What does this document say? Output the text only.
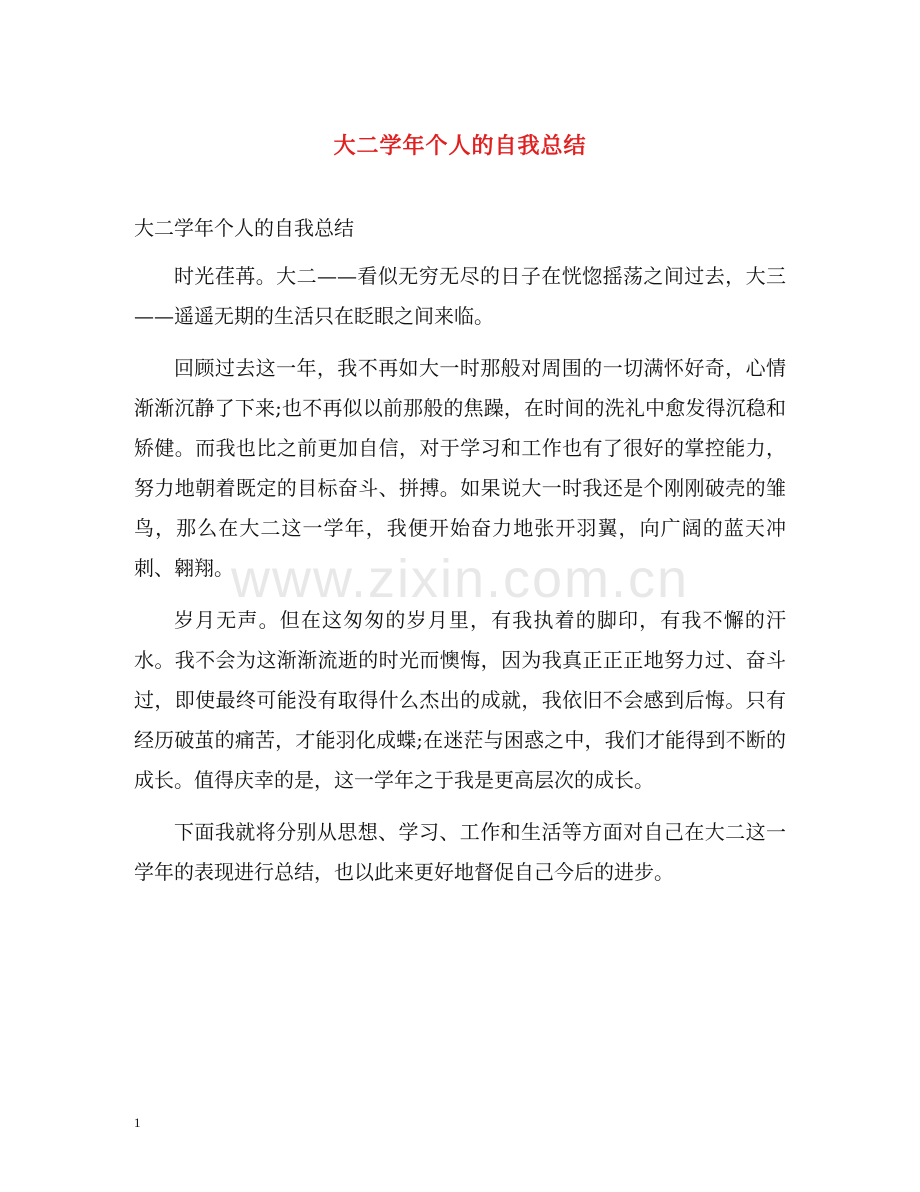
大二学年个人的自我总结
www.zixin.com.cn

大二学年个人的自我总结

时光荏苒。大二——看似无穷无尽的日子在恍惚摇荡之间过去，大三——遥遥无期的生活只在眨眼之间来临。

回顾过去这一年，我不再如大一时那般对周围的一切满怀好奇，心情渐渐沉静了下来;也不再似以前那般的焦躁，在时间的洗礼中愈发得沉稳和矫健。而我也比之前更加自信，对于学习和工作也有了很好的掌控能力，努力地朝着既定的目标奋斗、拼搏。如果说大一时我还是个刚刚破壳的雏鸟，那么在大二这一学年，我便开始奋力地张开羽翼，向广阔的蓝天冲刺、翱翔。

岁月无声。但在这匆匆的岁月里，有我执着的脚印，有我不懈的汗水。我不会为这渐渐流逝的时光而懊悔，因为我真正正正地努力过、奋斗过，即使最终可能没有取得什么杰出的成就，我依旧不会感到后悔。只有经历破茧的痛苦，才能羽化成蝶;在迷茫与困惑之中，我们才能得到不断的成长。值得庆幸的是，这一学年之于我是更高层次的成长。

下面我就将分别从思想、学习、工作和生活等方面对自己在大二这一学年的表现进行总结，也以此来更好地督促自己今后的进步。

1
